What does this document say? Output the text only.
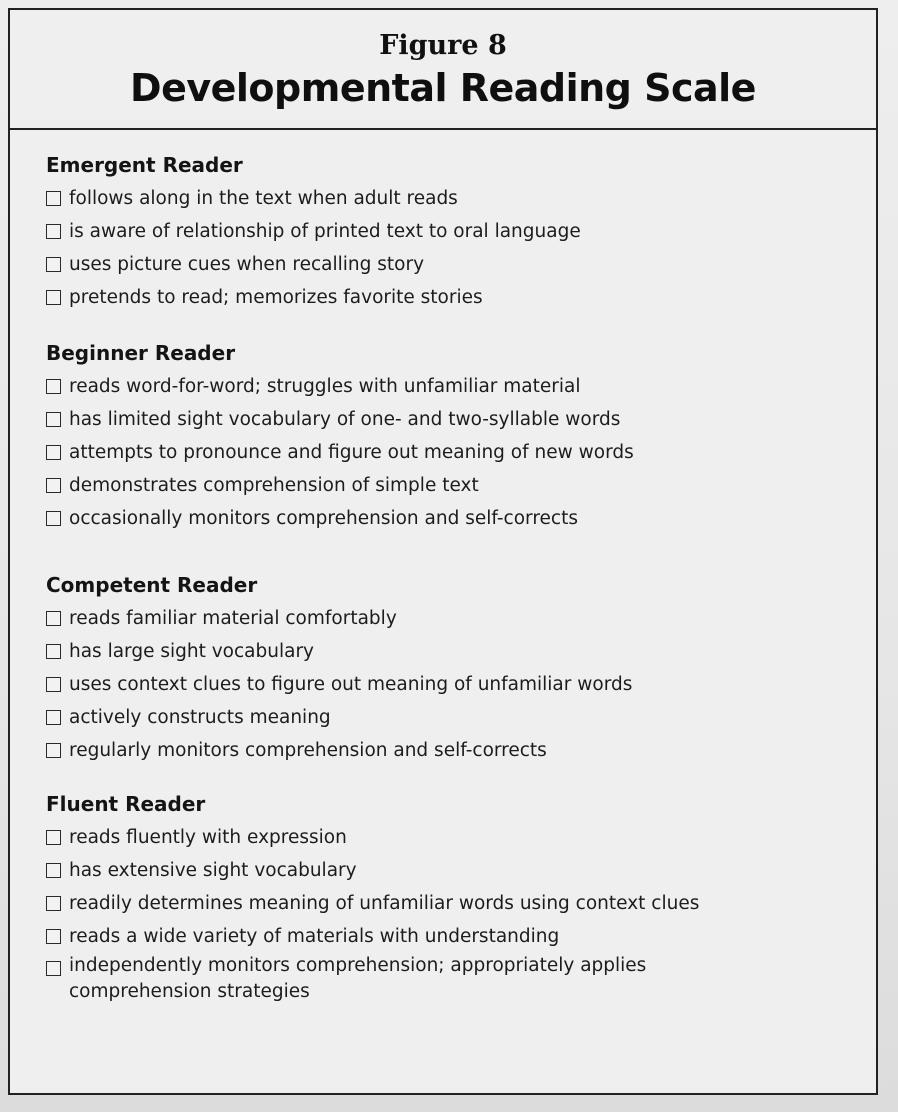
Figure 8
Developmental Reading Scale
Emergent Reader
follows along in the text when adult reads
is aware of relationship of printed text to oral language
uses picture cues when recalling story
pretends to read; memorizes favorite stories
Beginner Reader
reads word-for-word; struggles with unfamiliar material
has limited sight vocabulary of one- and two-syllable words
attempts to pronounce and figure out meaning of new words
demonstrates comprehension of simple text
occasionally monitors comprehension and self-corrects
Competent Reader
reads familiar material comfortably
has large sight vocabulary
uses context clues to figure out meaning of unfamiliar words
actively constructs meaning
regularly monitors comprehension and self-corrects
Fluent Reader
reads fluently with expression
has extensive sight vocabulary
readily determines meaning of unfamiliar words using context clues
reads a wide variety of materials with understanding
independently monitors comprehension; appropriately applies comprehension strategies
